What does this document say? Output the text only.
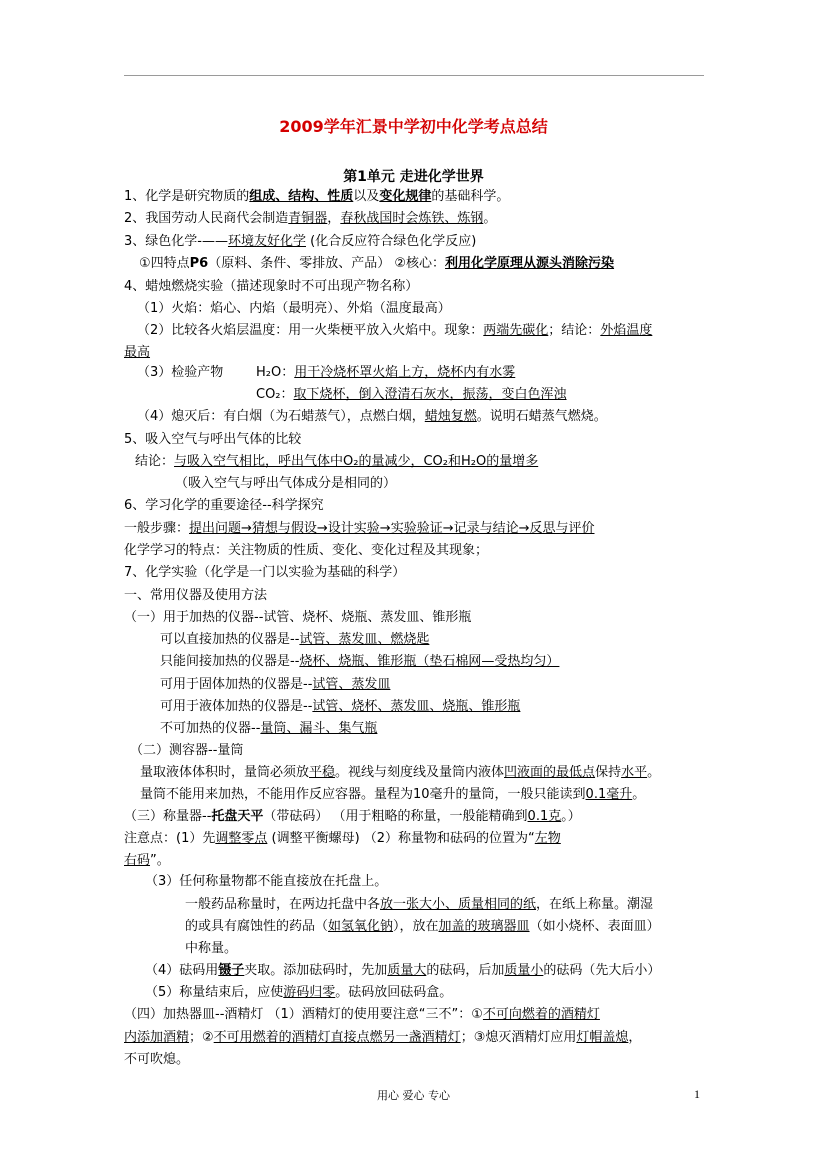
2009学年汇景中学初中化学考点总结
第1单元 走进化学世界
1、化学是研究物质的组成、结构、性质以及变化规律的基础科学。
2、我国劳动人民商代会制造青铜器，春秋战国时会炼铁、炼钢。
3、绿色化学-——环境友好化学 (化合反应符合绿色化学反应)
①四特点P6（原料、条件、零排放、产品） ②核心：利用化学原理从源头消除污染
4、蜡烛燃烧实验（描述现象时不可出现产物名称）
（1）火焰：焰心、内焰（最明亮）、外焰（温度最高）
（2）比较各火焰层温度：用一火柴梗平放入火焰中。现象：两端先碳化；结论：外焰温度
最高
（3）检验产物	H₂O：用干冷烧杯罩火焰上方，烧杯内有水雾
CO₂：取下烧杯，倒入澄清石灰水，振荡，变白色浑浊
（4）熄灭后：有白烟（为石蜡蒸气），点燃白烟，蜡烛复燃。说明石蜡蒸气燃烧。
5、吸入空气与呼出气体的比较
结论：与吸入空气相比，呼出气体中O₂的量减少，CO₂和H₂O的量增多
（吸入空气与呼出气体成分是相同的）
6、学习化学的重要途径--科学探究
一般步骤：提出问题→猜想与假设→设计实验→实验验证→记录与结论→反思与评价
化学学习的特点：关注物质的性质、变化、变化过程及其现象；
7、化学实验（化学是一门以实验为基础的科学）
一、常用仪器及使用方法
（一）用于加热的仪器--试管、烧杯、烧瓶、蒸发皿、锥形瓶
可以直接加热的仪器是--试管、蒸发皿、燃烧匙
只能间接加热的仪器是--烧杯、烧瓶、锥形瓶（垫石棉网—受热均匀）
可用于固体加热的仪器是--试管、蒸发皿
可用于液体加热的仪器是--试管、烧杯、蒸发皿、烧瓶、锥形瓶
不可加热的仪器--量筒、漏斗、集气瓶
（二）测容器--量筒
量取液体体积时，量筒必须放平稳。视线与刻度线及量筒内液体凹液面的最低点保持水平。
量筒不能用来加热，不能用作反应容器。量程为10毫升的量筒，一般只能读到0.1毫升。
（三）称量器--托盘天平（带砝码） （用于粗略的称量，一般能精确到0.1克。）
注意点：(1）先调整零点 (调整平衡螺母) （2）称量物和砝码的位置为“左物
右码”。
（3）任何称量物都不能直接放在托盘上。
一般药品称量时，在两边托盘中各放一张大小、质量相同的纸，在纸上称量。潮湿
的或具有腐蚀性的药品（如氢氧化钠），放在加盖的玻璃器皿（如小烧杯、表面皿）
中称量。
（4）砝码用镊子夹取。添加砝码时，先加质量大的砝码，后加质量小的砝码（先大后小）
（5）称量结束后，应使游码归零。砝码放回砝码盒。
（四）加热器皿--酒精灯 （1）酒精灯的使用要注意“三不”：①不可向燃着的酒精灯
内添加酒精；②不可用燃着的酒精灯直接点燃另一盏酒精灯；③熄灭酒精灯应用灯帽盖熄，
不可吹熄。
用心 爱心 专心	1
